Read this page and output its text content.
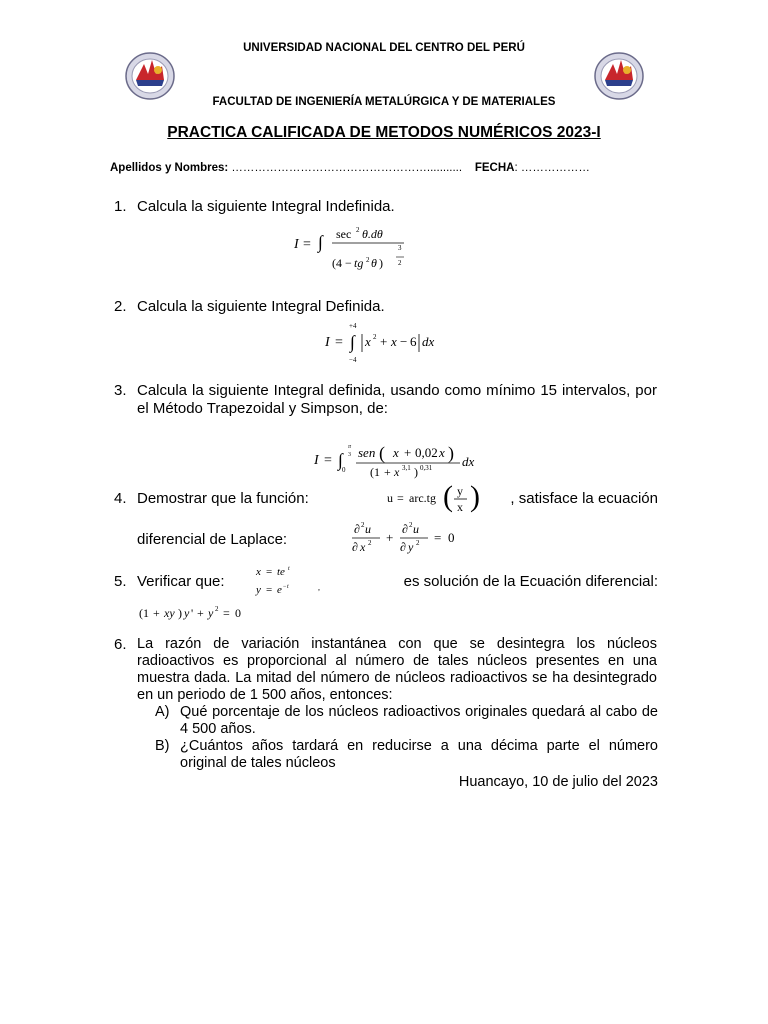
UNIVERSIDAD NACIONAL DEL CENTRO DEL PERÚ
FACULTAD DE INGENIERÍA METALÚRGICA Y DE MATERIALES
PRACTICA CALIFICADA DE METODOS NUMÉRICOS 2023-I
Apellidos y Nombres: ……………………………………………........... FECHA: ………………
1. Calcula la siguiente Integral Indefinida.
I = ∫ sec 2 θ.dθ
(4 − tg 2 θ )
3
2
2. Calcula la siguiente Integral Definida.
I =
+4
∫
−4
x 2 + x − 6 dx
3. Calcula la siguiente Integral definida, usando como mínimo 15 intervalos, por el Método Trapezoidal y Simpson, de:
I = ∫
π
3
0
sen ( x + 0,02 x )
(1 + x 3,1 ) 0,31 dx
4. Demostrar que la función:	u = arc.tg ( y
x )	, satisface la ecuación
diferencial de Laplace:
∂ 2 u
∂ x 2 +
∂ 2 u
∂ y 2 = 0
5. Verificar que:
x = te t
y = e − t	,	es solución de la Ecuación diferencial:
(1 + xy ) y ' + y 2 = 0
6. La razón de variación instantánea con que se desintegra los núcleos radioactivos es proporcional al número de tales núcleos presentes en una muestra dada. La mitad del número de núcleos radioactivos se ha desintegrado en un periodo de 1 500 años, entonces:
A) Qué porcentaje de los núcleos radioactivos originales quedará al cabo de 4 500 años.
B) ¿Cuántos años tardará en reducirse a una décima parte el número original de tales núcleos
Huancayo, 10 de julio del 2023
